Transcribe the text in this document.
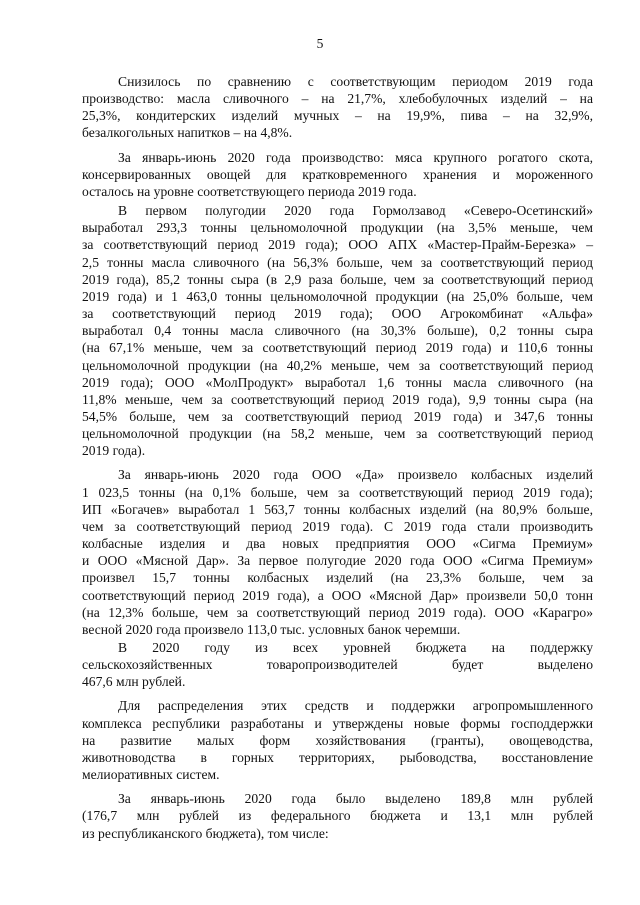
5

Снизилось по сравнению с соответствующим периодом 2019 года
производство: масла сливочного – на 21,7%, хлебобулочных изделий – на
25,3%, кондитерских изделий мучных – на 19,9%, пива – на 32,9%,
безалкогольных напитков – на 4,8%.

За январь-июнь 2020 года производство: мяса крупного рогатого скота,
консервированных овощей для кратковременного хранения и мороженного
осталось на уровне соответствующего периода 2019 года.

В первом полугодии 2020 года Гормолзавод «Северо-Осетинский»
выработал 293,3 тонны цельномолочной продукции (на 3,5% меньше, чем
за соответствующий период 2019 года); ООО АПХ «Мастер-Прайм-Березка» –
2,5 тонны масла сливочного (на 56,3% больше, чем за соответствующий период
2019 года), 85,2 тонны сыра (в 2,9 раза больше, чем за соответствующий период
2019 года) и 1 463,0 тонны цельномолочной продукции (на 25,0% больше, чем
за соответствующий период 2019 года); ООО Агрокомбинат «Альфа»
выработал 0,4 тонны масла сливочного (на 30,3% больше), 0,2 тонны сыра
(на 67,1% меньше, чем за соответствующий период 2019 года) и 110,6 тонны
цельномолочной продукции (на 40,2% меньше, чем за соответствующий период
2019 года); ООО «МолПродукт» выработал 1,6 тонны масла сливочного (на
11,8% меньше, чем за соответствующий период 2019 года), 9,9 тонны сыра (на
54,5% больше, чем за соответствующий период 2019 года) и 347,6 тонны
цельномолочной продукции (на 58,2 меньше, чем за соответствующий период
2019 года).

За январь-июнь 2020 года ООО «Да» произвело колбасных изделий
1 023,5 тонны (на 0,1% больше, чем за соответствующий период 2019 года);
ИП «Богачев» выработал 1 563,7 тонны колбасных изделий (на 80,9% больше,
чем за соответствующий период 2019 года). С 2019 года стали производить
колбасные изделия и два новых предприятия ООО «Сигма Премиум»
и ООО «Мясной Дар». За первое полугодие 2020 года ООО «Сигма Премиум»
произвел 15,7 тонны колбасных изделий (на 23,3% больше, чем за
соответствующий период 2019 года), а ООО «Мясной Дар» произвели 50,0 тонн
(на 12,3% больше, чем за соответствующий период 2019 года). ООО «Карагро»
весной 2020 года произвело 113,0 тыс. условных банок черемши.

В 2020 году из всех уровней бюджета на поддержку
сельскохозяйственных товаропроизводителей будет выделено
467,6 млн рублей.

Для распределения этих средств и поддержки агропромышленного
комплекса республики разработаны и утверждены новые формы господдержки
на развитие малых форм хозяйствования (гранты), овощеводства,
животноводства в горных территориях, рыбоводства, восстановление
мелиоративных систем.

За январь-июнь 2020 года было выделено 189,8 млн рублей
(176,7 млн рублей из федерального бюджета и 13,1 млн рублей
из республиканского бюджета), том числе:
